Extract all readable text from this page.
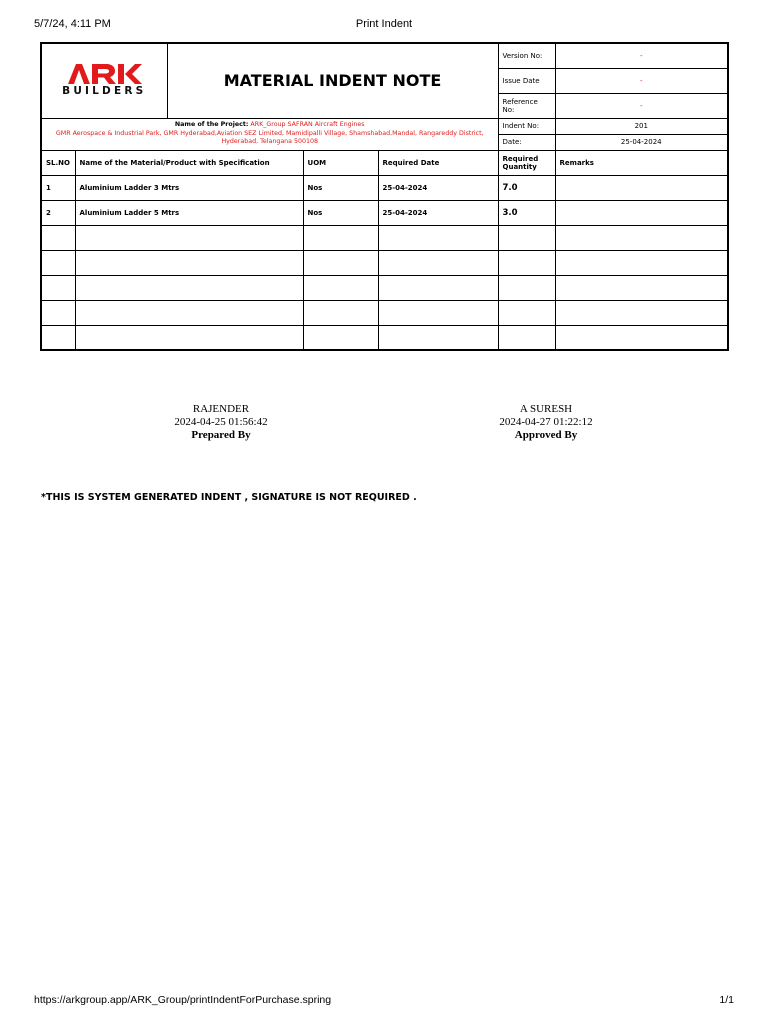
5/7/24, 4:11 PM	Print Indent
BUILDERS		MATERIAL INDENT NOTE			Version No:	-
					Issue Date	-
					Reference No:	-
Name of the Project: ARK_Group SAFRAN Aircraft Engines
GMR Aerospace & Industrial Park, GMR Hyderabad,Aviation SEZ Limited, Mamidipalli Village, Shamshabad,Mandal, Rangareddy District, Hyderabad, Telangana 500108					Indent No:	201
					Date:	25-04-2024
SL.NO	Name of the Material/Product with Specification		UOM	Required Date	Required Quantity	Remarks
1	Aluminium Ladder 3 Mtrs		Nos	25-04-2024	7.0	
2	Aluminium Ladder 5 Mtrs		Nos	25-04-2024	3.0	

RAJENDER
2024-04-25 01:56:42
Prepared By
A SURESH
2024-04-27 01:22:12
Approved By
*THIS IS SYSTEM GENERATED INDENT , SIGNATURE IS NOT REQUIRED .
https://arkgroup.app/ARK_Group/printIndentForPurchase.spring	1/1
